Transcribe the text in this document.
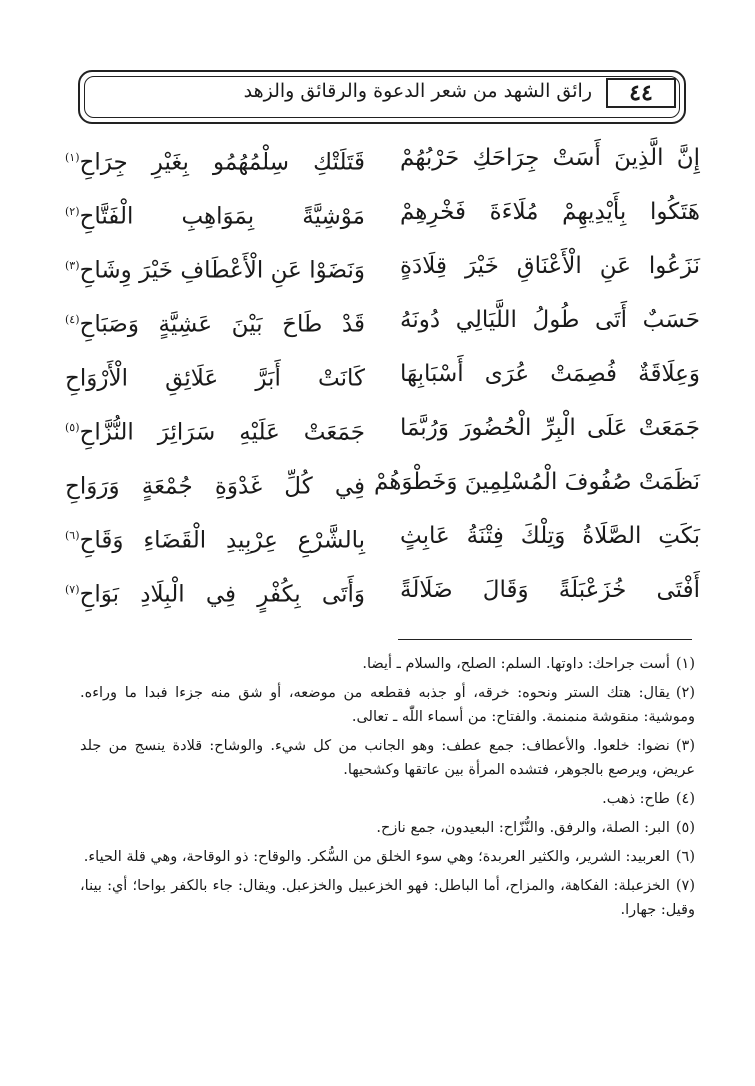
٤٤
رائق الشهد من شعر الدعوة والرقائق والزهد
إِنَّ الَّذِينَ أَسَتْ جِرَاحَكِ حَرْبُهُمْ
قَتَلَتْكِ سِلْمُهُمُو بِغَيْرِ جِرَاحِ$^{(١)}$
هَتَكُوا بِأَيْدِيهِمْ مُلَاءَةَ فَخْرِهِمْ
مَوْشِيَّةً بِمَوَاهِبِ الْفَتَّاحِ$^{(٢)}$
نَزَعُوا عَنِ الْأَعْنَاقِ خَيْرَ قِلَادَةٍ
وَنَضَوْا عَنِ الْأَعْطَافِ خَيْرَ وِشَاحِ$^{(٣)}$
حَسَبٌ أَتَى طُولُ اللَّيَالِي دُونَهُ
قَدْ طَاحَ بَيْنَ عَشِيَّةٍ وَصَبَاحِ$^{(٤)}$
وَعِلَاقَةٌ فُصِمَتْ عُرَى أَسْبَابِهَا
كَانَتْ أَبَرَّ عَلَائِقِ الْأَرْوَاحِ
جَمَعَتْ عَلَى الْبِرِّ الْحُضُورَ وَرُبَّمَا
جَمَعَتْ عَلَيْهِ سَرَائِرَ النُّزَّاحِ$^{(٥)}$
نَظَمَتْ صُفُوفَ الْمُسْلِمِينَ وَخَطْوَهُمْ
فِي كُلِّ غَدْوَةِ جُمْعَةٍ وَرَوَاحِ
بَكَتِ الصَّلَاةُ وَتِلْكَ فِتْنَةُ عَابِثٍ
بِالشَّرْعِ عِرْبِيدِ الْقَضَاءِ وَقَاحِ$^{(٦)}$
أَفْتَى خُزَعْبَلَةً وَقَالَ ضَلَالَةً
وَأَتَى بِكُفْرٍ فِي الْبِلَادِ بَوَاحِ$^{(٧)}$

(١)أست جراحك: داوتها. السلم: الصلح، والسلام ـ أيضا.

(٢)يقال: هتك الستر ونحوه: خرقه، أو جذبه فقطعه من موضعه، أو شق منه جزءا فبدا ما وراءه. وموشية: منقوشة منمنمة. والفتاح: من أسماء اللّٰه ـ تعالى.

(٣)نضوا: خلعوا. والأعطاف: جمع عطف: وهو الجانب من كل شيء. والوشاح: قلادة ينسج من جلد عريض، ويرصع بالجوهر، فتشده المرأة بين عاتقها وكشحيها.

(٤)طاح: ذهب.

(٥)البر: الصلة، والرفق. والنُّزّاح: البعيدون، جمع نازح.

(٦)العربيد: الشرير، والكثير العربدة؛ وهي سوء الخلق من السُّكر. والوقاح: ذو الوقاحة، وهي قلة الحياء.

(٧)الخزعبلة: الفكاهة، والمزاح، أما الباطل: فهو الخزعبيل والخزعبل. ويقال: جاء بالكفر بواحا؛ أي: بينا، وقيل: جهارا.
